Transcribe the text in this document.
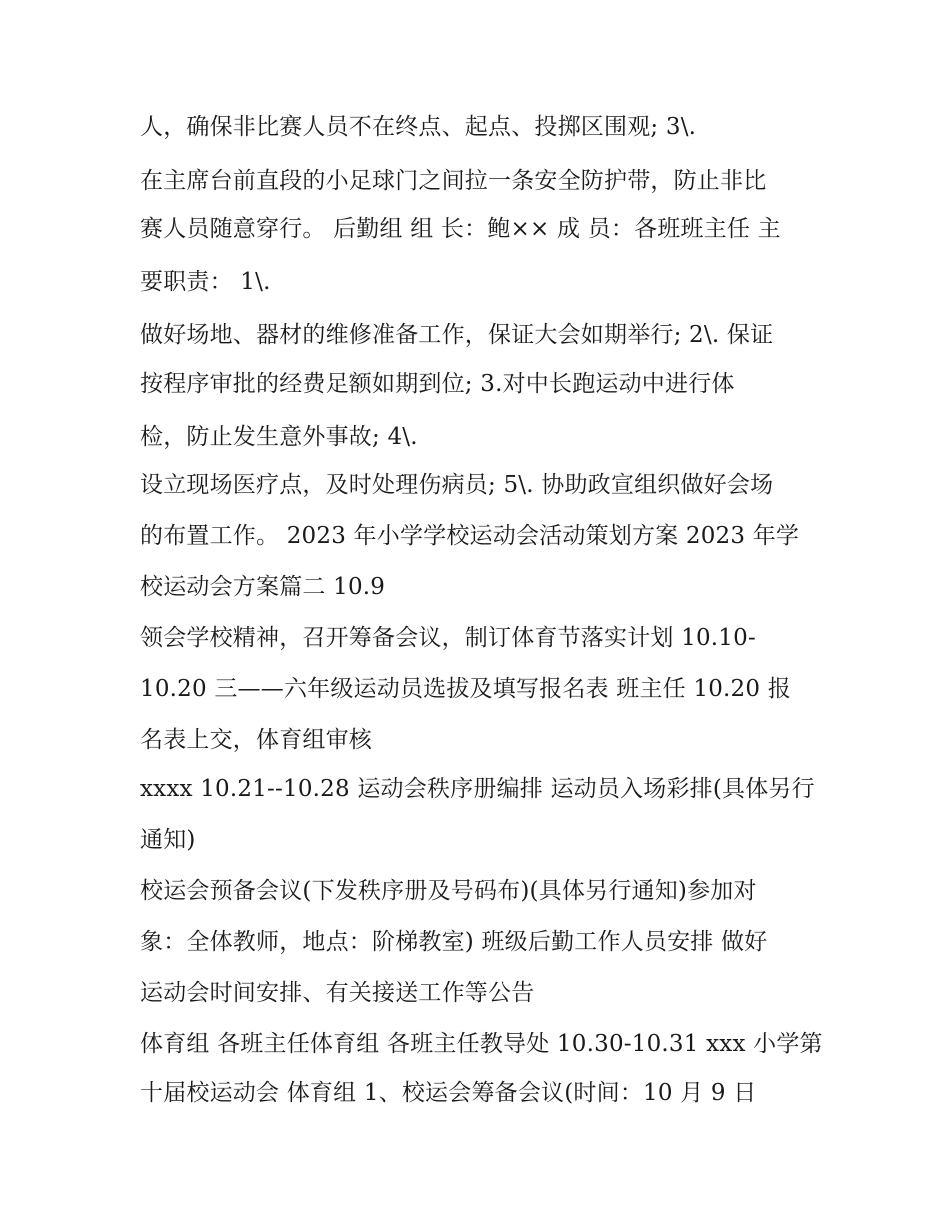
人，确保非比赛人员不在终点、起点、投掷区围观; 3\.
在主席台前直段的小足球门之间拉一条安全防护带，防止非比
赛人员随意穿行。 后勤组 组 长：鲍×× 成 员：各班班主任 主
要职责： 1\.
做好场地、器材的维修准备工作，保证大会如期举行; 2\. 保证
按程序审批的经费足额如期到位; 3.对中长跑运动中进行体
检，防止发生意外事故; 4\.
设立现场医疗点，及时处理伤病员; 5\. 协助政宣组织做好会场
的布置工作。 2023 年小学学校运动会活动策划方案 2023 年学
校运动会方案篇二 10.9
领会学校精神，召开筹备会议，制订体育节落实计划 10.10-
10.20 三——六年级运动员选拔及填写报名表 班主任 10.20 报
名表上交，体育组审核
xxxx 10.21--10.28 运动会秩序册编排 运动员入场彩排(具体另行
通知)
校运会预备会议(下发秩序册及号码布)(具体另行通知)参加对
象：全体教师，地点：阶梯教室) 班级后勤工作人员安排 做好
运动会时间安排、有关接送工作等公告
体育组 各班主任体育组 各班主任教导处 10.30-10.31 xxx 小学第
十届校运动会 体育组 1、校运会筹备会议(时间：10 月 9 日
